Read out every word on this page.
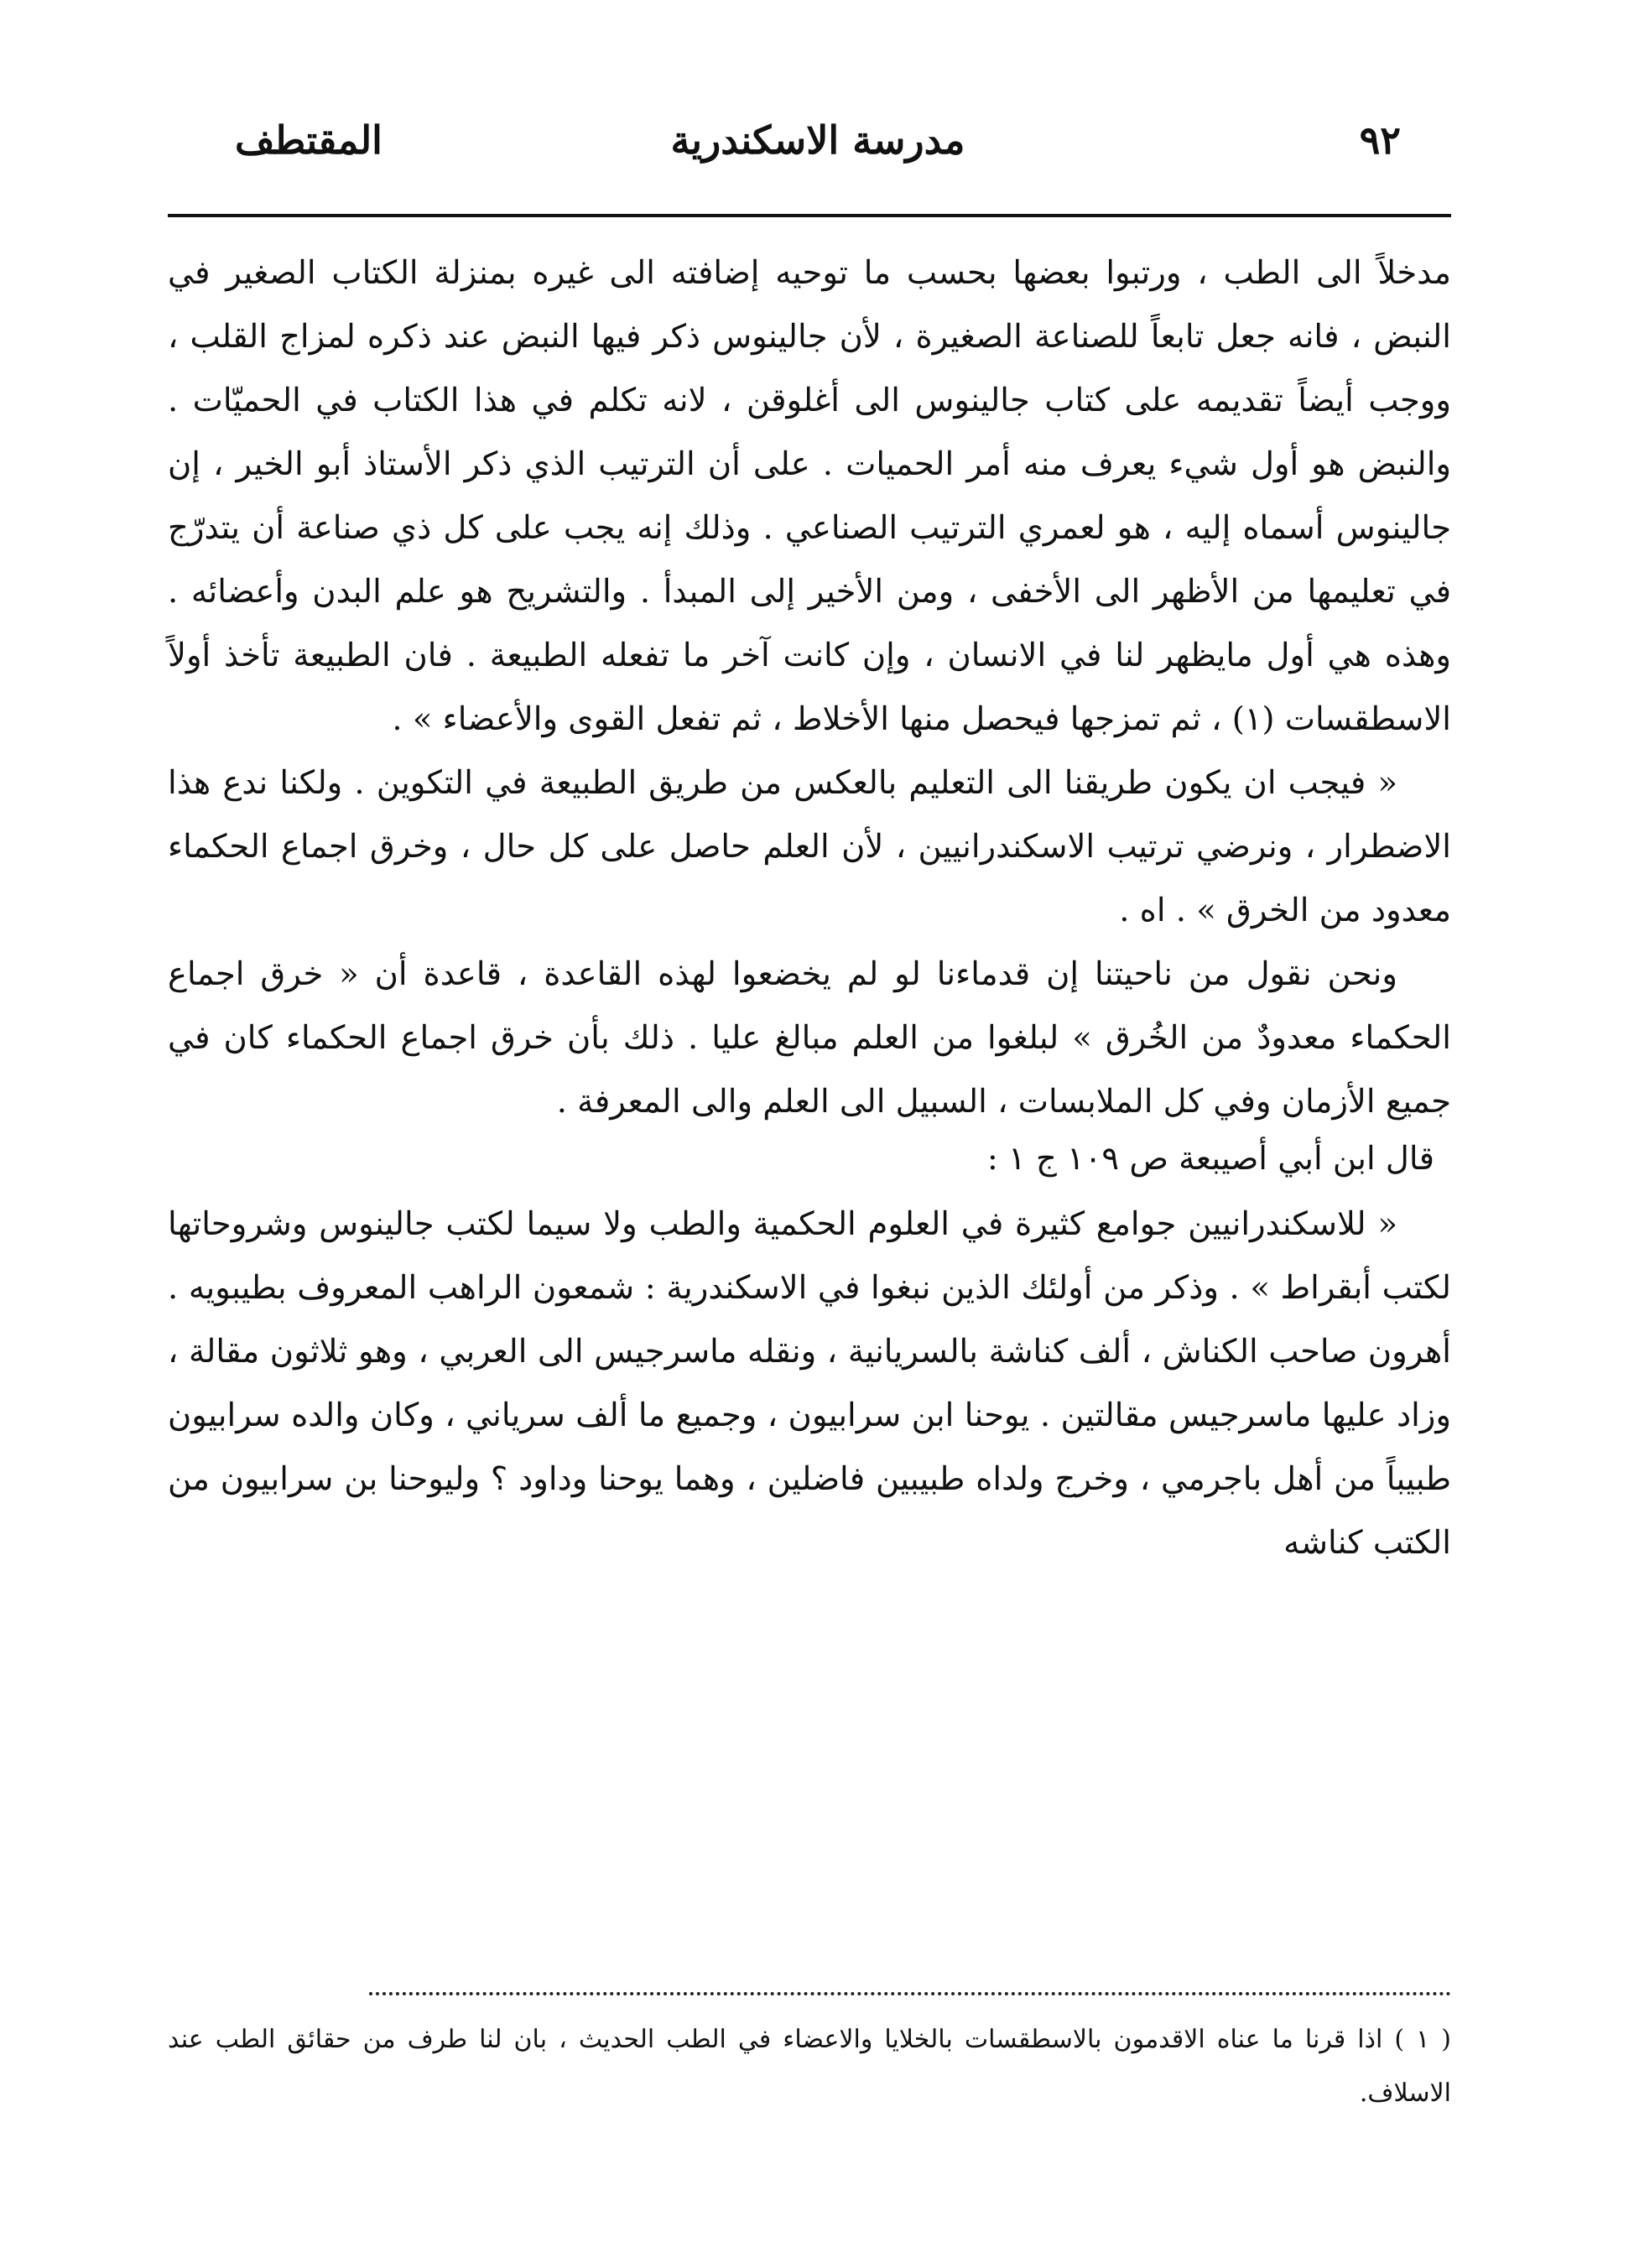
٩٢
مدرسة الاسكندرية
المقتطف

مدخلاً الى الطب ، ورتبوا بعضها بحسب ما توحيه إضافته الى غيره بمنزلة الكتاب الصغير في النبض ، فانه جعل تابعاً للصناعة الصغيرة ، لأن جالينوس ذكر فيها النبض عند ذكره لمزاج القلب ، ووجب أيضاً تقديمه على كتاب جالينوس الى أغلوقن ، لانه تكلم في هذا الكتاب في الحميّات . والنبض هو أول شيء يعرف منه أمر الحميات . على أن الترتيب الذي ذكر الأستاذ أبو الخير ، إن جالينوس أسماه إليه ، هو لعمري الترتيب الصناعي . وذلك إنه يجب على كل ذي صناعة أن يتدرّج في تعليمها من الأظهر الى الأخفى ، ومن الأخير إلى المبدأ . والتشريح هو علم البدن وأعضائه . وهذه هي أول مايظهر لنا في الانسان ، وإن كانت آخر ما تفعله الطبيعة . فان الطبيعة تأخذ أولاً الاسطقسات (١) ، ثم تمزجها فيحصل منها الأخلاط ، ثم تفعل القوى والأعضاء » .

« فيجب ان يكون طريقنا الى التعليم بالعكس من طريق الطبيعة في التكوين . ولكنا ندع هذا الاضطرار ، ونرضي ترتيب الاسكندرانيين ، لأن العلم حاصل على كل حال ، وخرق اجماع الحكماء معدود من الخرق » . اه .

ونحن نقول من ناحيتنا إن قدماءنا لو لم يخضعوا لهذه القاعدة ، قاعدة أن « خرق اجماع الحكماء معدودٌ من الخُرق » لبلغوا من العلم مبالغ عليا . ذلك بأن خرق اجماع الحكماء كان في جميع الأزمان وفي كل الملابسات ، السبيل الى العلم والى المعرفة .

قال ابن أبي أصيبعة ص ١٠٩ ج ١ :

« للاسكندرانيين جوامع كثيرة في العلوم الحكمية والطب ولا سيما لكتب جالينوس وشروحاتها لكتب أبقراط » . وذكر من أولئك الذين نبغوا في الاسكندرية : شمعون الراهب المعروف بطيبويه . أهرون صاحب الكناش ، ألف كناشة بالسريانية ، ونقله ماسرجيس الى العربي ، وهو ثلاثون مقالة ، وزاد عليها ماسرجيس مقالتين . يوحنا ابن سرابيون ، وجميع ما ألف سرياني ، وكان والده سرابيون طبيباً من أهل باجرمي ، وخرج ولداه طبيبين فاضلين ، وهما يوحنا وداود ؟ وليوحنا بن سرابيون من الكتب كناشه

( ١ ) اذا قرنا ما عناه الاقدمون بالاسطقسات بالخلايا والاعضاء في الطب الحديث ، بان لنا طرف من حقائق الطب عند الاسلاف.
